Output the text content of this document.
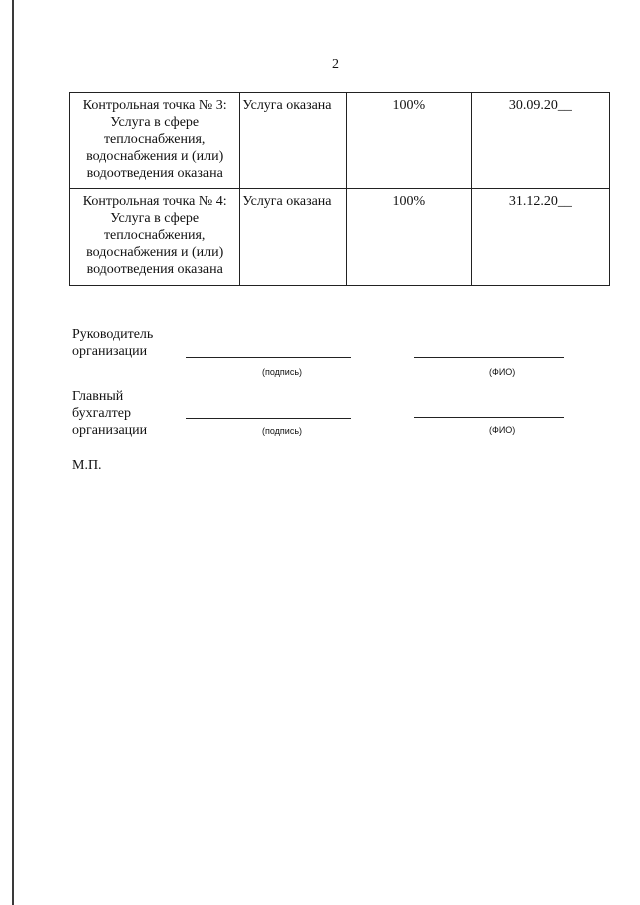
2
Контрольная точка № 3: Услуга в сфере теплоснабжения, водоснабжения и (или) водоотведения оказана	Услуга оказана	100%	30.09.20__
Контрольная точка № 4: Услуга в сфере теплоснабжения, водоснабжения и (или) водоотведения оказана	Услуга оказана	100%	31.12.20__
Руководитель
организации
(подпись)	(ФИО)
Главный
бухгалтер
организации	(подпись)	(ФИО)
М.П.
